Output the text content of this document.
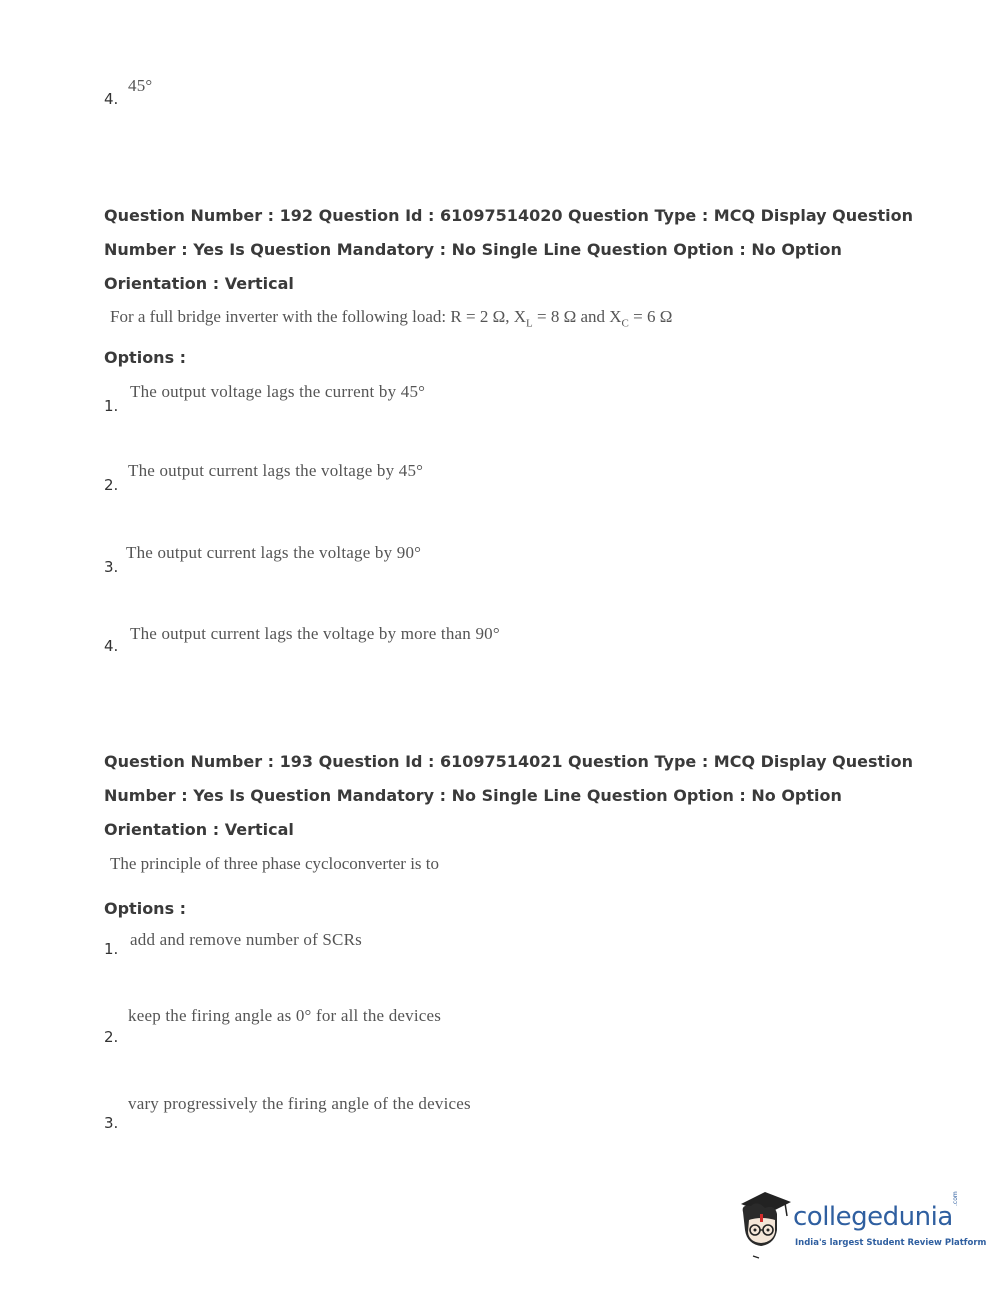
45°
4.
Question Number : 192 Question Id : 61097514020 Question Type : MCQ Display Question
Number : Yes Is Question Mandatory : No Single Line Question Option : No Option
Orientation : Vertical
For a full bridge inverter with the following load: R = 2 Ω, $X_L = 8$ Ω and $X_C = 6$ Ω
Options :
The output voltage lags the current by 45°
1.
The output current lags the voltage by 45°
2.
The output current lags the voltage by 90°
3.
The output current lags the voltage by more than 90°
4.
Question Number : 193 Question Id : 61097514021 Question Type : MCQ Display Question
Number : Yes Is Question Mandatory : No Single Line Question Option : No Option
Orientation : Vertical
The principle of three phase cycloconverter is to
Options :
add and remove number of SCRs
1.
keep the firing angle as 0° for all the devices
2.
vary progressively the firing angle of the devices
3.
collegedunia
.com
India's largest Student Review Platform
